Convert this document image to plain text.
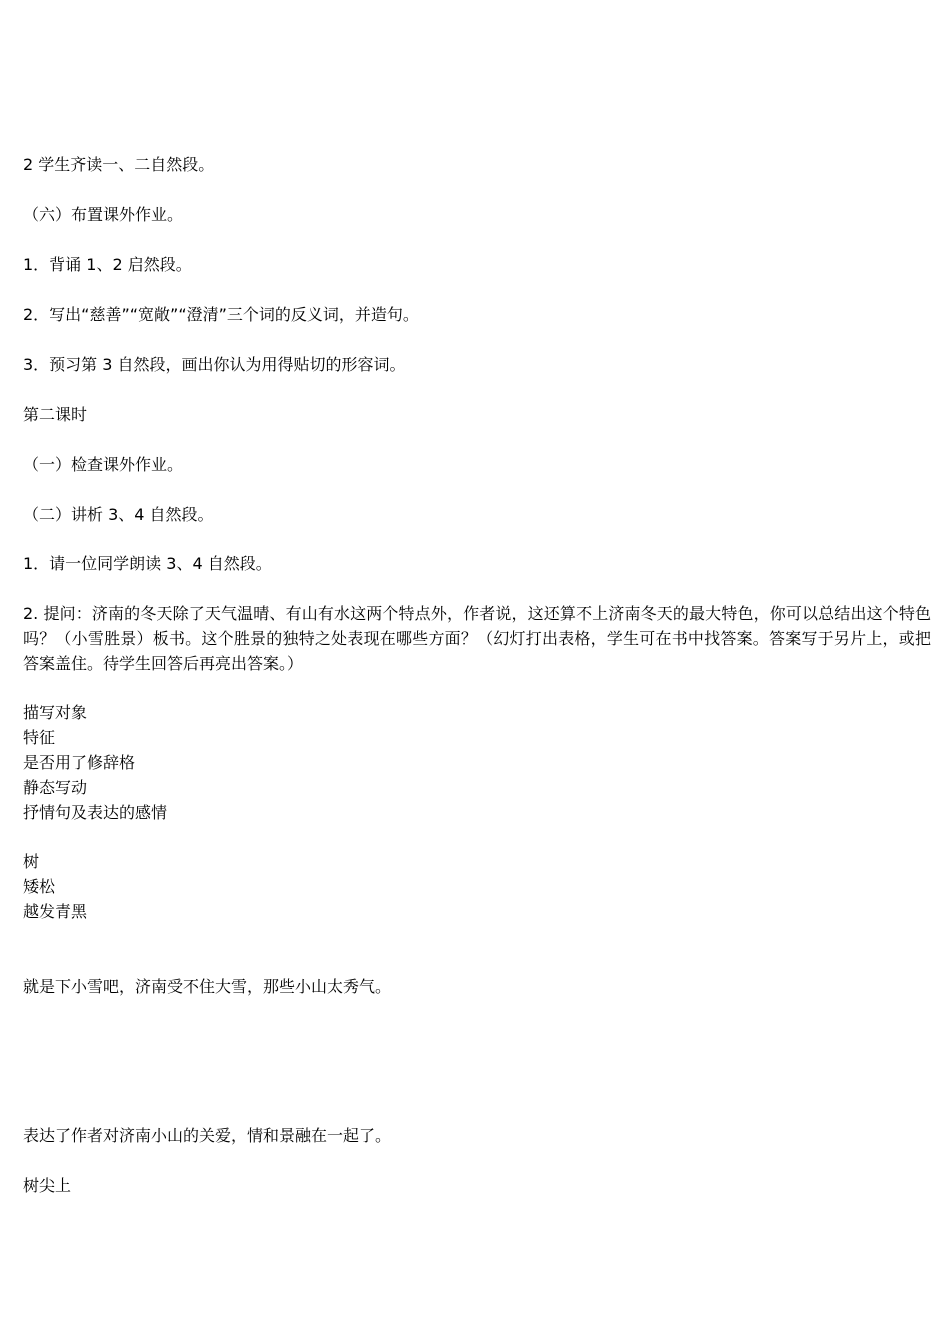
2 学生齐读一、二自然段。
（六）布置课外作业。
1．背诵 1、2 启然段。
2．写出“慈善”“宽敞”“澄清”三个词的反义词，并造句。
3．预习第 3 自然段，画出你认为用得贴切的形容词。
第二课时
（一）检查课外作业。
（二）讲析 3、4 自然段。
1．请一位同学朗读 3、4 自然段。
2. 提问：济南的冬天除了天气温晴、有山有水这两个特点外，作者说，这还算不上济南冬天的最大特色，你可以总结出这个特色吗？（小雪胜景）板书。这个胜景的独特之处表现在哪些方面？（幻灯打出表格，学生可在书中找答案。答案写于另片上，或把答案盖住。待学生回答后再亮出答案。）
描写对象
特征
是否用了修辞格
静态写动
抒情句及表达的感情
树
矮松
越发青黑
就是下小雪吧，济南受不住大雪，那些小山太秀气。
表达了作者对济南小山的关爱，情和景融在一起了。
树尖上
